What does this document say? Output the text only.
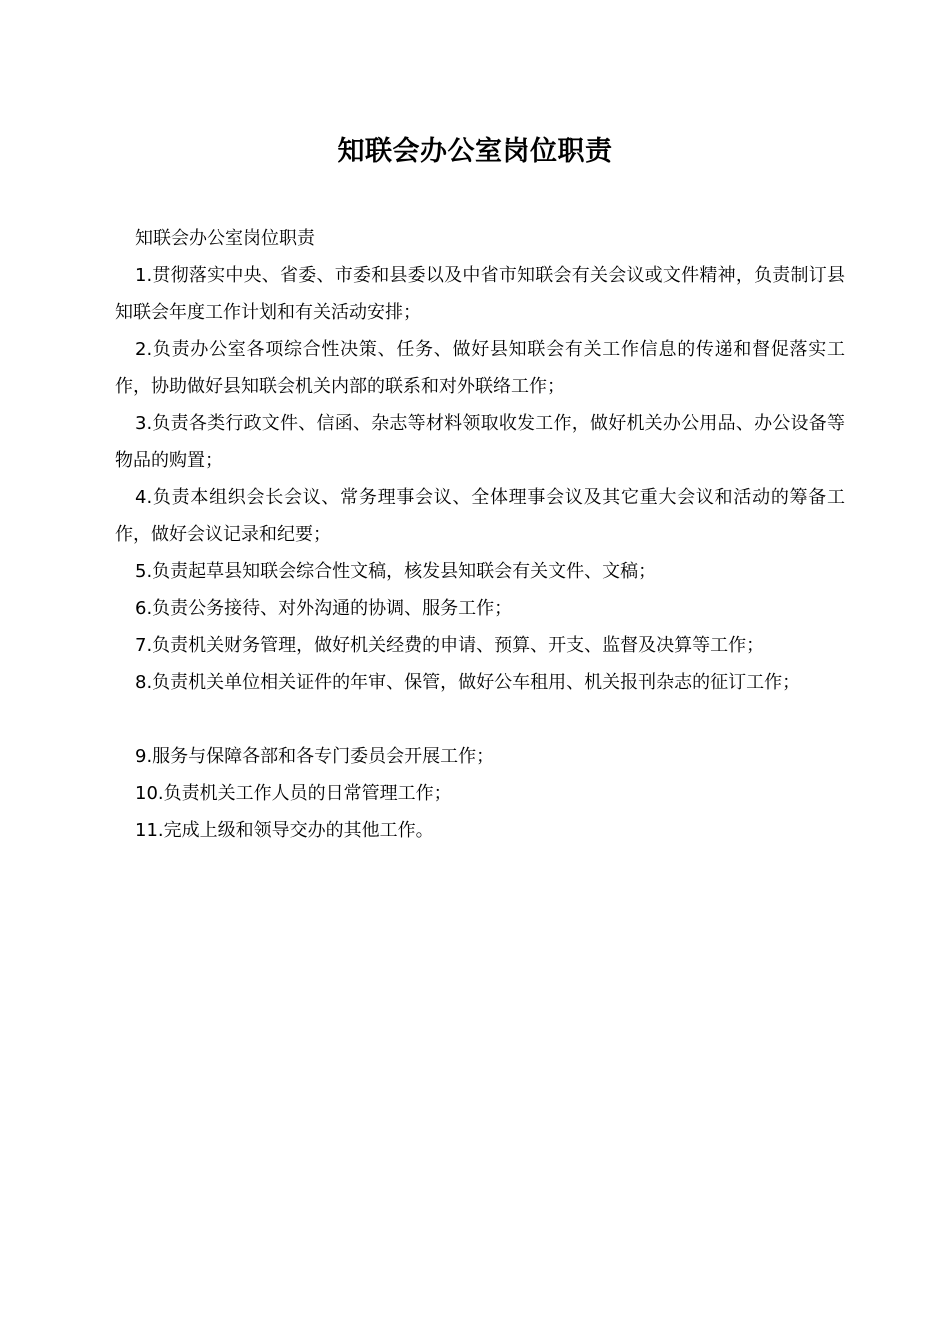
知联会办公室岗位职责

知联会办公室岗位职责

1.贯彻落实中央、省委、市委和县委以及中省市知联会有关会议或文件精神，负责制订县知联会年度工作计划和有关活动安排；

2.负责办公室各项综合性决策、任务、做好县知联会有关工作信息的传递和督促落实工作，协助做好县知联会机关内部的联系和对外联络工作；

3.负责各类行政文件、信函、杂志等材料领取收发工作，做好机关办公用品、办公设备等物品的购置；

4.负责本组织会长会议、常务理事会议、全体理事会议及其它重大会议和活动的筹备工作，做好会议记录和纪要；

5.负责起草县知联会综合性文稿，核发县知联会有关文件、文稿；

6.负责公务接待、对外沟通的协调、服务工作；

7.负责机关财务管理，做好机关经费的申请、预算、开支、监督及决算等工作；

8.负责机关单位相关证件的年审、保管，做好公车租用、机关报刊杂志的征订工作；

9.服务与保障各部和各专门委员会开展工作；

10.负责机关工作人员的日常管理工作；

11.完成上级和领导交办的其他工作。
